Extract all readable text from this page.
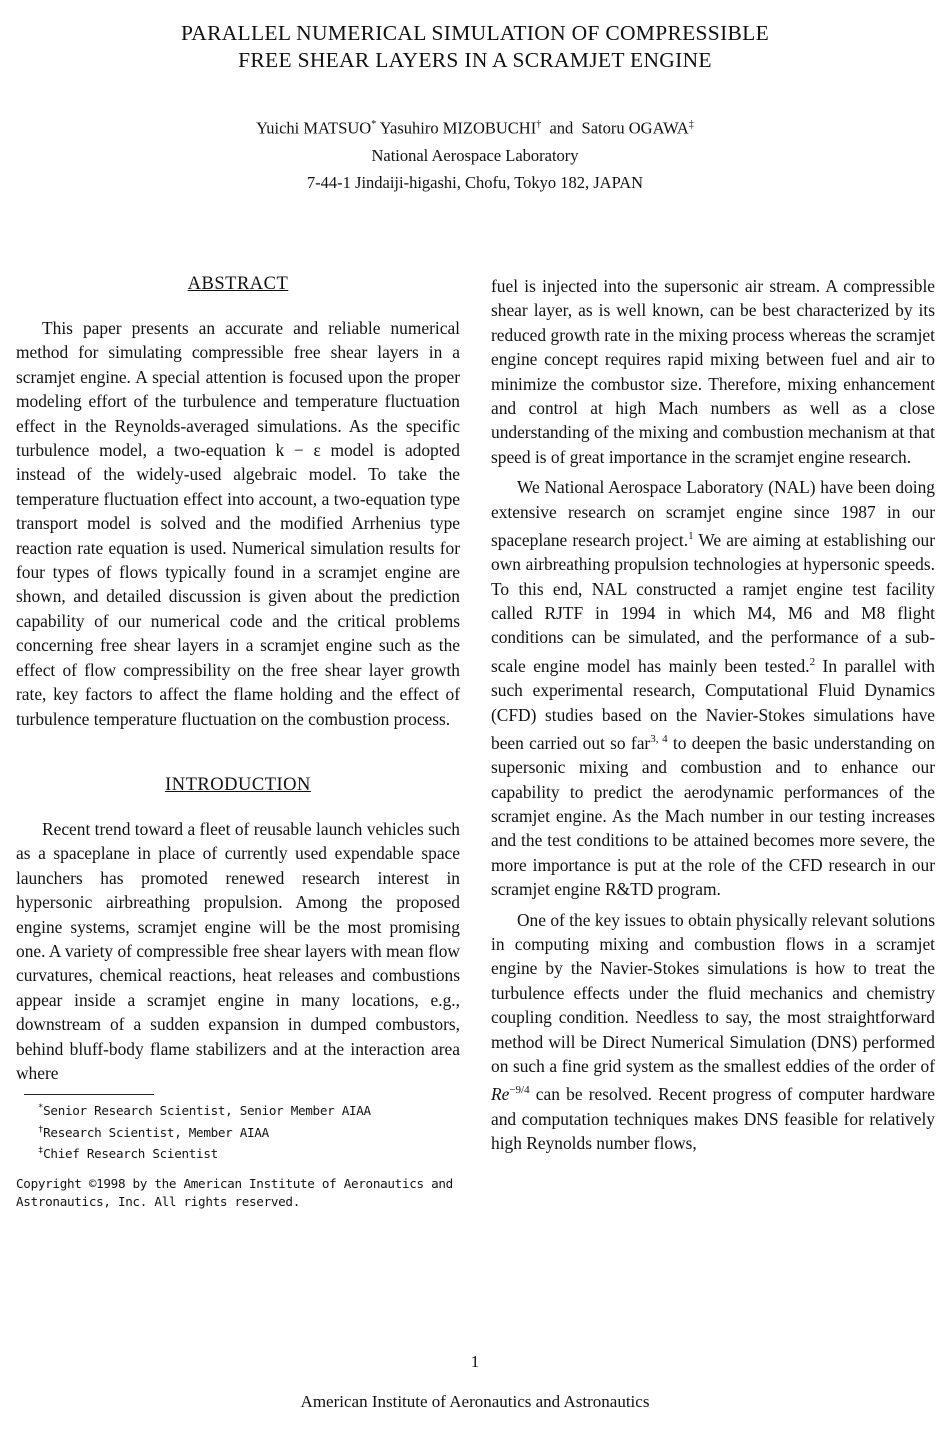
PARALLEL NUMERICAL SIMULATION OF COMPRESSIBLE
FREE SHEAR LAYERS IN A SCRAMJET ENGINE
Yuichi MATSUO* Yasuhiro MIZOBUCHI† and Satoru OGAWA‡
National Aerospace Laboratory
7-44-1 Jindaiji-higashi, Chofu, Tokyo 182, JAPAN
ABSTRACT

This paper presents an accurate and reliable numerical method for simulating compressible free shear layers in a scramjet engine. A special attention is focused upon the proper modeling effort of the turbulence and temperature fluctuation effect in the Reynolds-averaged simulations. As the specific turbulence model, a two-equation k − ε model is adopted instead of the widely-used algebraic model. To take the temperature fluctuation effect into account, a two-equation type transport model is solved and the modified Arrhenius type reaction rate equation is used. Numerical simulation results for four types of flows typically found in a scramjet engine are shown, and detailed discussion is given about the prediction capability of our numerical code and the critical problems concerning free shear layers in a scramjet engine such as the effect of flow compressibility on the free shear layer growth rate, key factors to affect the flame holding and the effect of turbulence temperature fluctuation on the combustion process.

INTRODUCTION

Recent trend toward a fleet of reusable launch vehicles such as a spaceplane in place of currently used expendable space launchers has promoted renewed research interest in hypersonic airbreathing propulsion. Among the proposed engine systems, scramjet engine will be the most promising one. A variety of compressible free shear layers with mean flow curvatures, chemical reactions, heat releases and combustions appear inside a scramjet engine in many locations, e.g., downstream of a sudden expansion in dumped combustors, behind bluff-body flame stabilizers and at the interaction area where

*Senior Research Scientist, Senior Member AIAA
†Research Scientist, Member AIAA
‡Chief Research Scientist
Copyright ©1998 by the American Institute of Aeronautics and Astronautics, Inc. All rights reserved.

fuel is injected into the supersonic air stream. A compressible shear layer, as is well known, can be best characterized by its reduced growth rate in the mixing process whereas the scramjet engine concept requires rapid mixing between fuel and air to minimize the combustor size. Therefore, mixing enhancement and control at high Mach numbers as well as a close understanding of the mixing and combustion mechanism at that speed is of great importance in the scramjet engine research.

We National Aerospace Laboratory (NAL) have been doing extensive research on scramjet engine since 1987 in our spaceplane research project.$^1$ We are aiming at establishing our own airbreathing propulsion technologies at hypersonic speeds. To this end, NAL constructed a ramjet engine test facility called RJTF in 1994 in which M4, M6 and M8 flight conditions can be simulated, and the performance of a sub-scale engine model has mainly been tested.$^2$ In parallel with such experimental research, Computational Fluid Dynamics (CFD) studies based on the Navier-Stokes simulations have been carried out so far$^{3, 4}$ to deepen the basic understanding on supersonic mixing and combustion and to enhance our capability to predict the aerodynamic performances of the scramjet engine. As the Mach number in our testing increases and the test conditions to be attained becomes more severe, the more importance is put at the role of the CFD research in our scramjet engine R&TD program.

One of the key issues to obtain physically relevant solutions in computing mixing and combustion flows in a scramjet engine by the Navier-Stokes simulations is how to treat the turbulence effects under the fluid mechanics and chemistry coupling condition. Needless to say, the most straightforward method will be Direct Numerical Simulation (DNS) performed on such a fine grid system as the smallest eddies of the order of $Re^{-9/4}$ can be resolved. Recent progress of computer hardware and computation techniques makes DNS feasible for relatively high Reynolds number flows,

1
American Institute of Aeronautics and Astronautics
